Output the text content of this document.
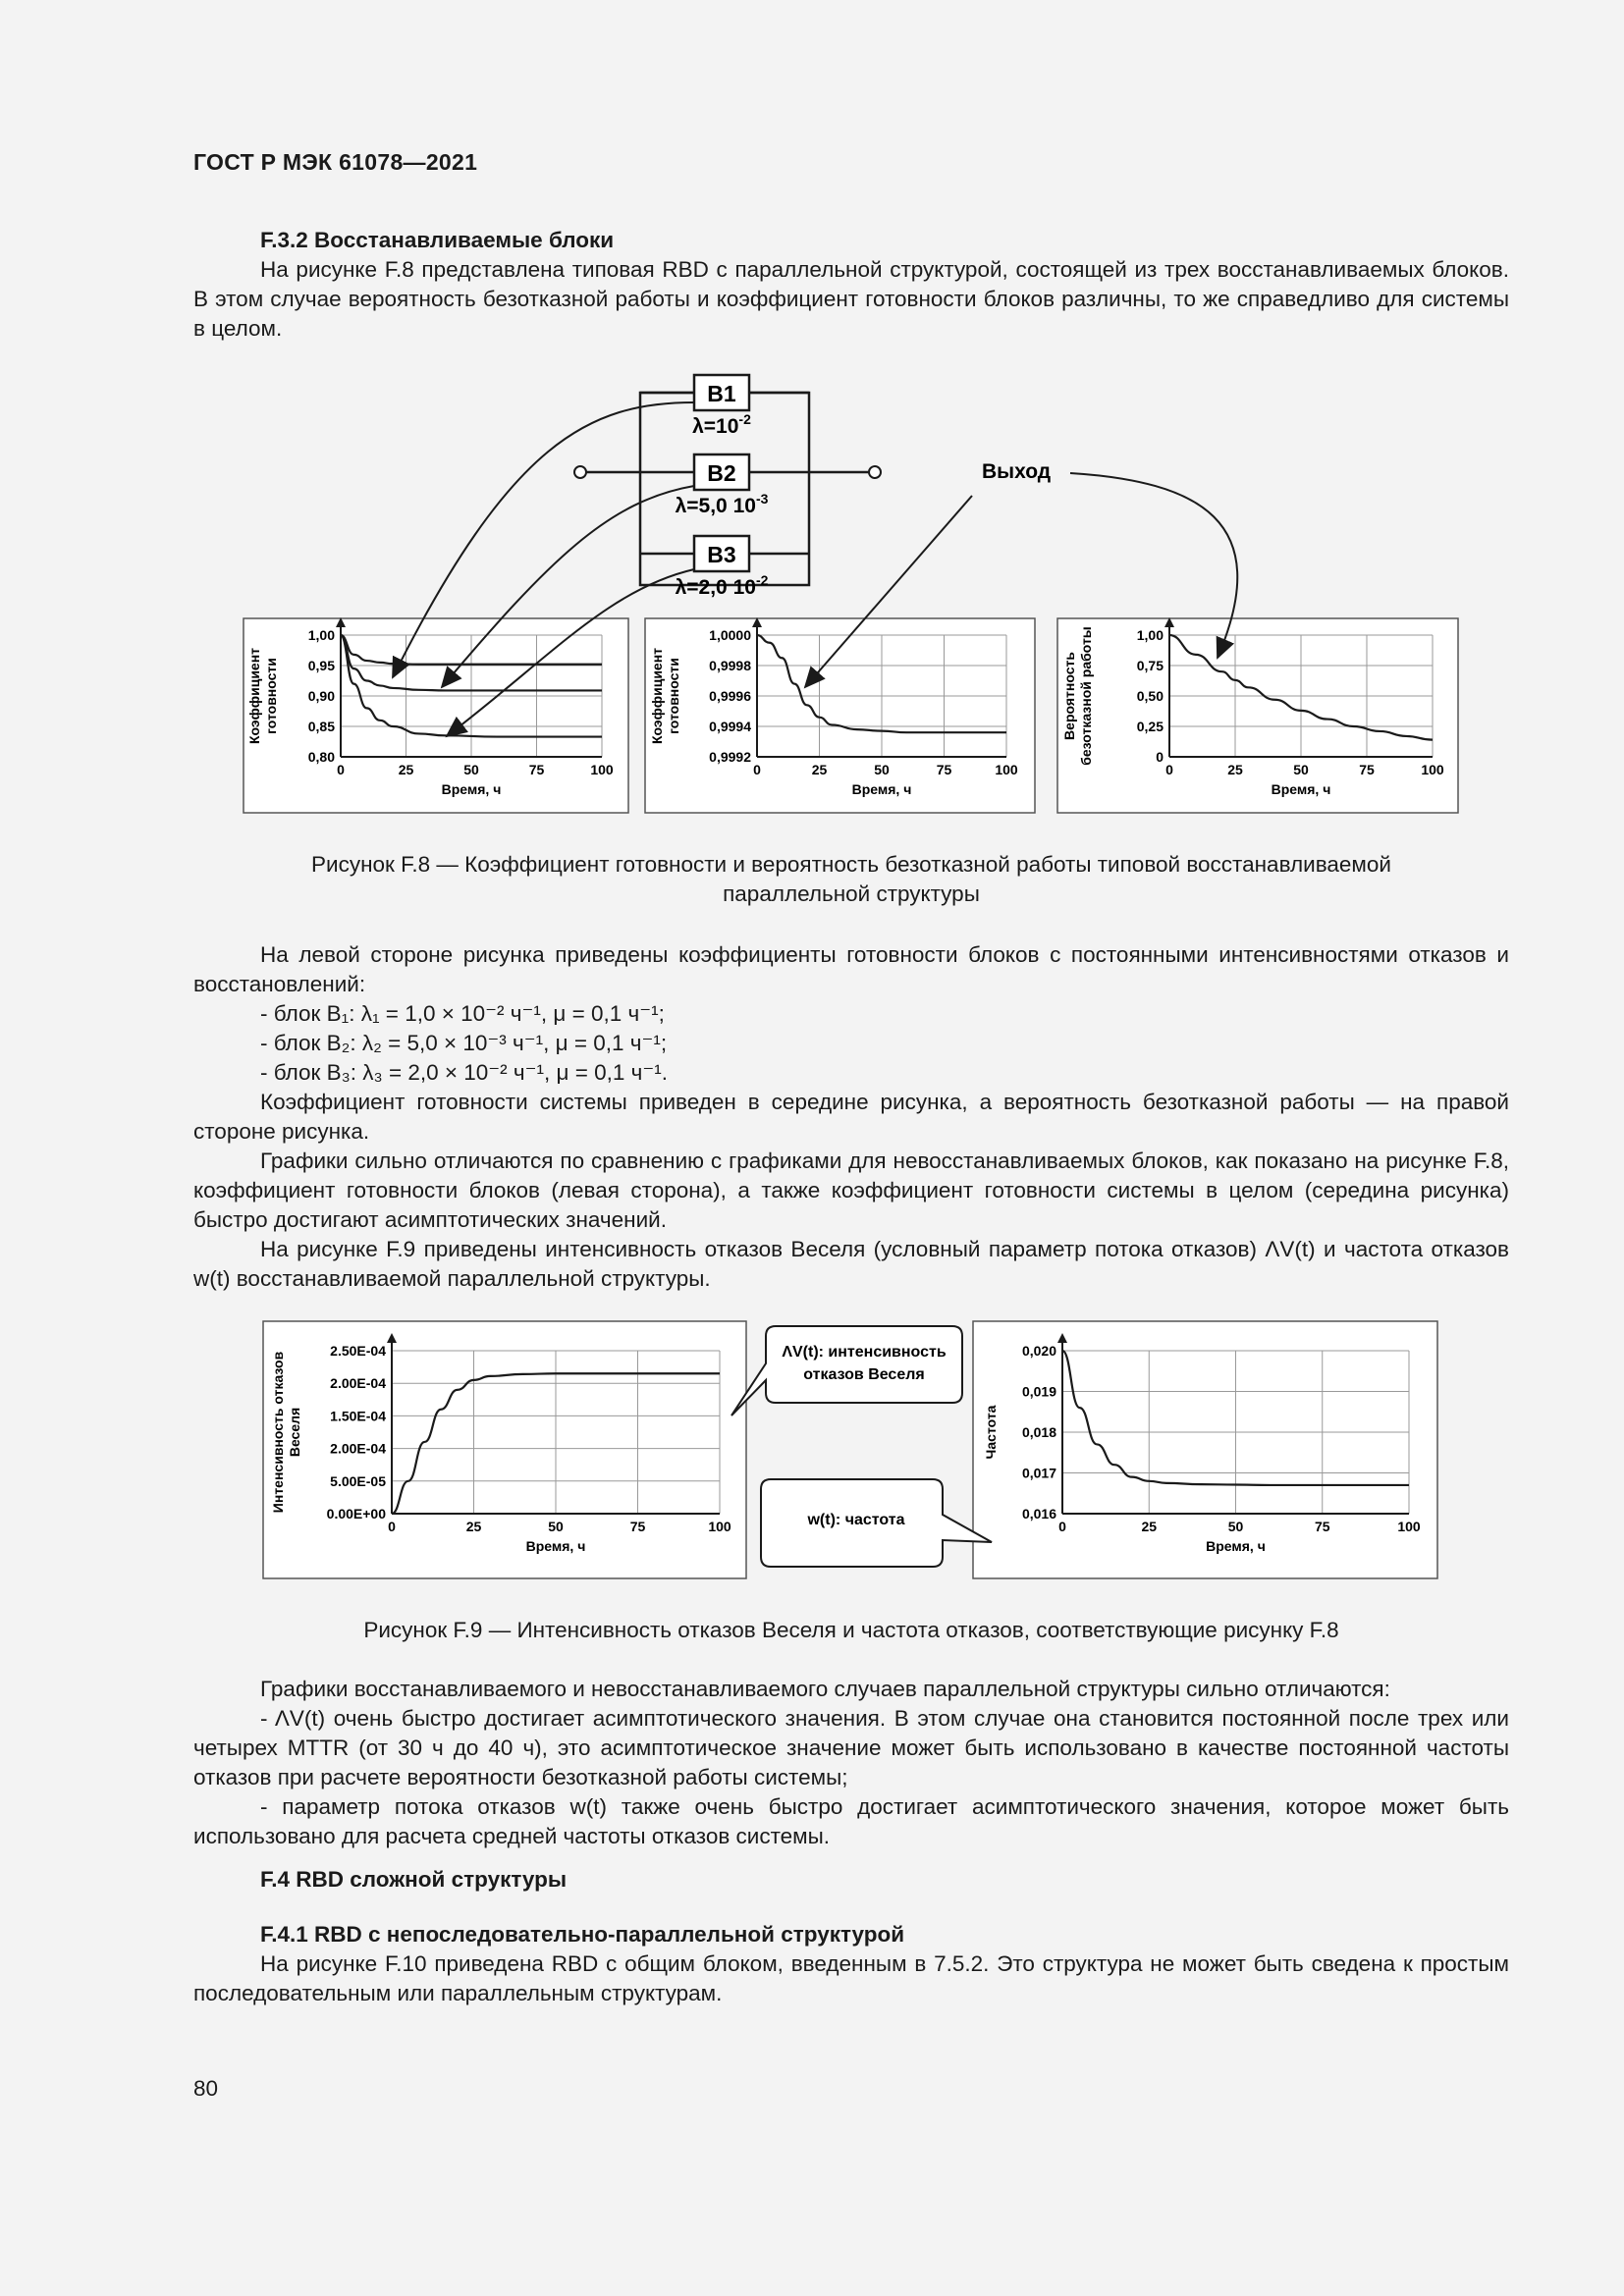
ГОСТ Р МЭК 61078—2021

F.3.2 Восстанавливаемые блоки

На рисунке F.8 представлена типовая RBD с параллельной структурой, состоящей из трех восстанавливаемых блоков. В этом случае вероятность безотказной работы и коэффициент готовности блоков различны, то же справедливо для системы в целом.

B1
$\lambda=10^{-2}$
B2
λ=5,0 $10^{-3}$
B3
λ=2,0 $10^{-2}$
Выход
0	25	50	75	100
0,80
0,85
0,90
0,95
1,00
Время, ч
Коэффициентготовности
0	25	50	75	100
0,9992
0,9994
0,9996
0,9998
1,0000
Время, ч
Коэффициентготовности
0	25	50	75	100
0
0,25
0,50
0,75
1,00
Время, ч
Вероятностьбезотказной работы
Рисунок F.8 — Коэффициент готовности и вероятность безотказной работы типовой восстанавливаемой
параллельной структуры

На левой стороне рисунка приведены коэффициенты готовности блоков с постоянными интенсивностями отказов и восстановлений:

- блок B₁: λ₁ = 1,0 × 10⁻² ч⁻¹, μ = 0,1 ч⁻¹;

- блок B₂: λ₂ = 5,0 × 10⁻³ ч⁻¹, μ = 0,1 ч⁻¹;

- блок B₃: λ₃ = 2,0 × 10⁻² ч⁻¹, μ = 0,1 ч⁻¹.

Коэффициент готовности системы приведен в середине рисунка, а вероятность безотказной работы — на правой стороне рисунка.

Графики сильно отличаются по сравнению с графиками для невосстанавливаемых блоков, как показано на рисунке F.8, коэффициент готовности блоков (левая сторона), а также коэффициент готовности системы в целом (середина рисунка) быстро достигают асимптотических значений.

На рисунке F.9 приведены интенсивность отказов Веселя (условный параметр потока отказов) ΛV(t) и частота отказов w(t) восстанавливаемой параллельной структуры.

0	25	50	75	100
0.00E+00
5.00E-05
2.00E-04
1.50E-04
2.00E-04
2.50E-04
Время, ч
Интенсивность отказовВеселя
0	25	50	75	100
0,016
0,017
0,018
0,019
0,020
Время, ч
Частота
ΛV(t): интенсивность
отказов Веселя
w(t): частота
Рисунок F.9 — Интенсивность отказов Веселя и частота отказов, соответствующие рисунку F.8

Графики восстанавливаемого и невосстанавливаемого случаев параллельной структуры сильно отличаются:

- ΛV(t) очень быстро достигает асимптотического значения. В этом случае она становится постоянной после трех или четырех MTTR (от 30 ч до 40 ч), это асимптотическое значение может быть использовано в качестве постоянной частоты отказов при расчете вероятности безотказной работы системы;

- параметр потока отказов w(t) также очень быстро достигает асимптотического значения, которое может быть использовано для расчета средней частоты отказов системы.

F.4 RBD сложной структуры

F.4.1 RBD с непоследовательно-параллельной структурой

На рисунке F.10 приведена RBD с общим блоком, введенным в 7.5.2. Это структура не может быть сведена к простым последовательным или параллельным структурам.

80
